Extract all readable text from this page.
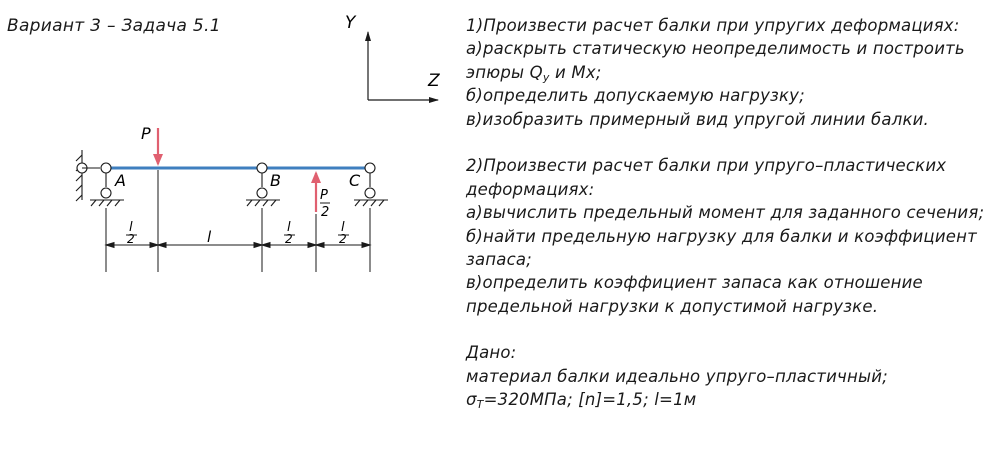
Вариант 3 – Задача 5.1	Y
Z
A	B	C
P
P
2
l
2	l
l
2
l
2
1)Произвести расчет балки при упругих деформациях:
а)раскрыть статическую неопределимость и построить
эпюры $Q_y$ и Mx;
б)определить допускаемую нагрузку;
в)изобразить примерный вид упругой линии балки.
2)Произвести расчет балки при упруго–пластических
деформациях:
а)вычислить предельный момент для заданного сечения;
б)найти предельную нагрузку для балки и коэффициент
запаса;
в)определить коэффициент запаса как отношение
предельной нагрузки к допустимой нагрузке.
Дано:
материал балки идеально упруго–пластичный;
$\sigma_T=320МПа$; [n]=1,5; l=1м
